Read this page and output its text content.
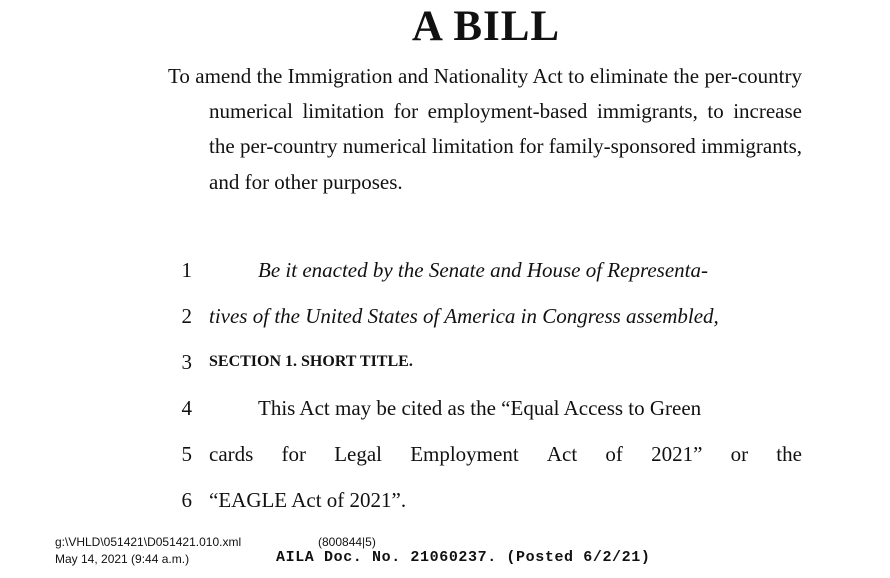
A BILL
To amend the Immigration and Nationality Act to eliminate the per-country numerical limitation for employment-based immigrants, to increase the per-country numerical limitation for family-sponsored immigrants, and for other purposes.
1	Be it enacted by the Senate and House of Representa-
2 tives of the United States of America in Congress assembled,
3 SECTION 1. SHORT TITLE.
4	This Act may be cited as the “Equal Access to Green
5 cards for Legal Employment Act of 2021” or the
6 “EAGLE Act of 2021”.
g:\VHLD\051421\D051421.010.xml	(800844|5)
May 14, 2021 (9:44 a.m.)	AILA Doc. No. 21060237. (Posted 6/2/21)
